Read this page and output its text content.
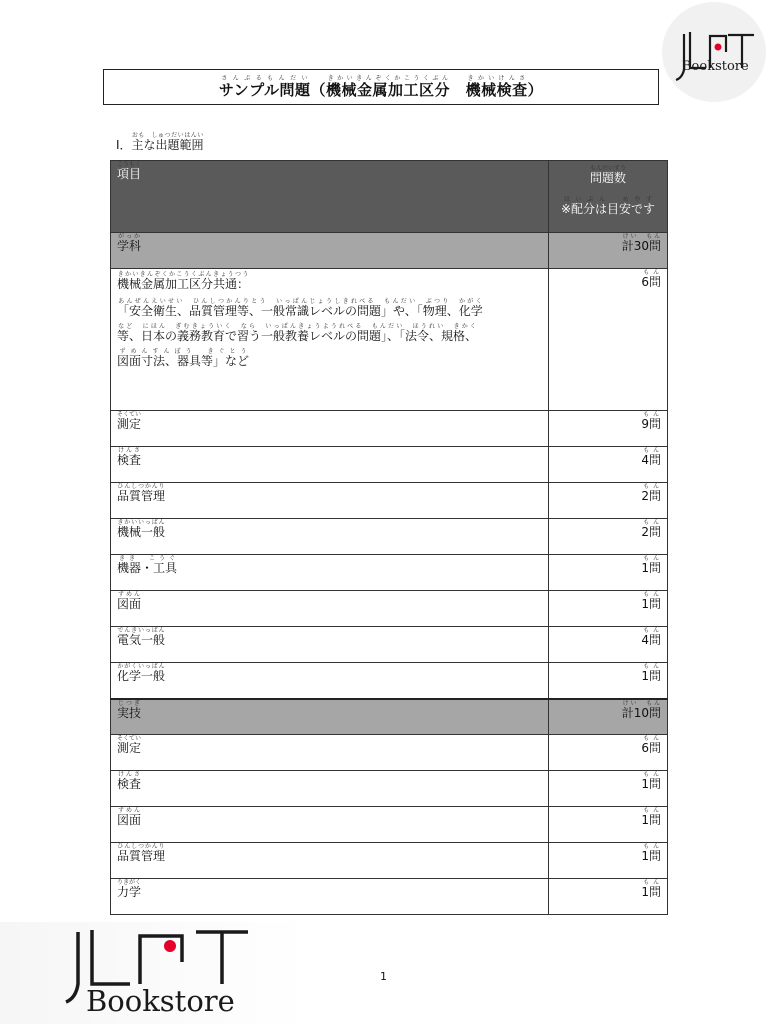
Bookstore
サンプル問題さんぷるもんだい（機械金属加工区分きかいきんぞくかこうくぶん　機械検査きかいけんさ）
I．主な出題範囲おも　しゅつだいはんい
項目こうもく	問題数もんだいすう
※配分は目安ですはいぶん　めやす

学科がっか	計30問けい　もん
機械金属加工区分共通：きかいきんぞくかこうくぶんきょうつう
「安全衛生、品質管理等、一般常識レベルの問題」や、「物理、化学あんぜんえいせい　ひんしつかんりとう　いっぱんじょうしきれべる　もんだい　ぶつり　かがく
等、日本の義務教育で習う一般教養レベルの問題」、「法令、規格、など　にほん　ぎむきょういく　なら　いっぱんきょうようれべる　もんだい　ほうれい　きかく
図面寸法、器具等」などずめんすんぽう　きぐとう	6問もん
測定そくてい	9問もん
検査けんさ	4問もん
品質管理ひんしつかんり	2問もん
機械一般きかいいっぱん	2問もん
機器・工具きき　こうぐ	1問もん
図面ずめん	1問もん
電気一般でんきいっぱん	4問もん
化学一般かがくいっぱん	1問もん
実技じつぎ	計10問けい　もん
測定そくてい	6問もん
検査けんさ	1問もん
図面ずめん	1問もん
品質管理ひんしつかんり	1問もん
力学りきがく	1問もん
1
Bookstore
